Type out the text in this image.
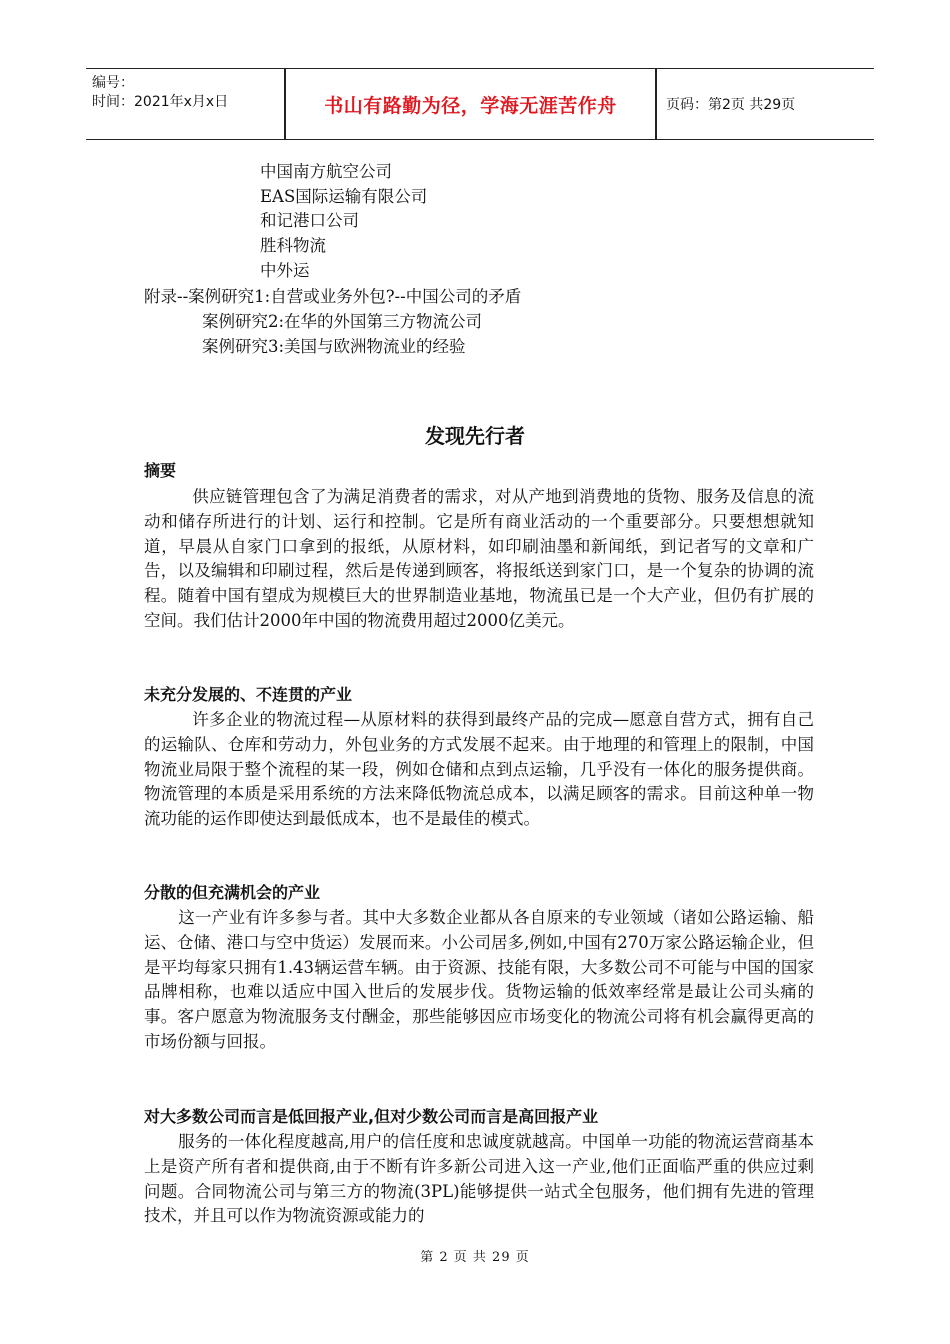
编号：
时间：2021年x月x日	书山有路勤为径，学海无涯苦作舟	页码：第2页 共29页
中国南方航空公司
EAS国际运输有限公司
和记港口公司
胜科物流
中外运
附录--案例研究1:自营或业务外包?--中国公司的矛盾
案例研究2:在华的外国第三方物流公司
案例研究3:美国与欧洲物流业的经验
发现先行者
摘要
供应链管理包含了为满足消费者的需求，对从产地到消费地的货物、服务及信息的流动和储存所进行的计划、运行和控制。它是所有商业活动的一个重要部分。只要想想就知道，早晨从自家门口拿到的报纸，从原材料，如印刷油墨和新闻纸，到记者写的文章和广告，以及编辑和印刷过程，然后是传递到顾客，将报纸送到家门口，是一个复杂的协调的流程。随着中国有望成为规模巨大的世界制造业基地，物流虽已是一个大产业，但仍有扩展的空间。我们估计2000年中国的物流费用超过2000亿美元。
未充分发展的、不连贯的产业
许多企业的物流过程—从原材料的获得到最终产品的完成—愿意自营方式，拥有自己的运输队、仓库和劳动力，外包业务的方式发展不起来。由于地理的和管理上的限制，中国物流业局限于整个流程的某一段，例如仓储和点到点运输，几乎没有一体化的服务提供商。物流管理的本质是采用系统的方法来降低物流总成本，以满足顾客的需求。目前这种单一物流功能的运作即使达到最低成本，也不是最佳的模式。
分散的但充满机会的产业
这一产业有许多参与者。其中大多数企业都从各自原来的专业领域（诸如公路运输、船运、仓储、港口与空中货运）发展而来。小公司居多,例如,中国有270万家公路运输企业，但是平均每家只拥有1.43辆运营车辆。由于资源、技能有限，大多数公司不可能与中国的国家品牌相称，也难以适应中国入世后的发展步伐。货物运输的低效率经常是最让公司头痛的事。客户愿意为物流服务支付酬金，那些能够因应市场变化的物流公司将有机会赢得更高的市场份额与回报。
对大多数公司而言是低回报产业,但对少数公司而言是高回报产业
服务的一体化程度越高,用户的信任度和忠诚度就越高。中国单一功能的物流运营商基本上是资产所有者和提供商,由于不断有许多新公司进入这一产业,他们正面临严重的供应过剩问题。合同物流公司与第三方的物流(3PL)能够提供一站式全包服务，他们拥有先进的管理技术，并且可以作为物流资源或能力的
第 2 页 共 29 页
